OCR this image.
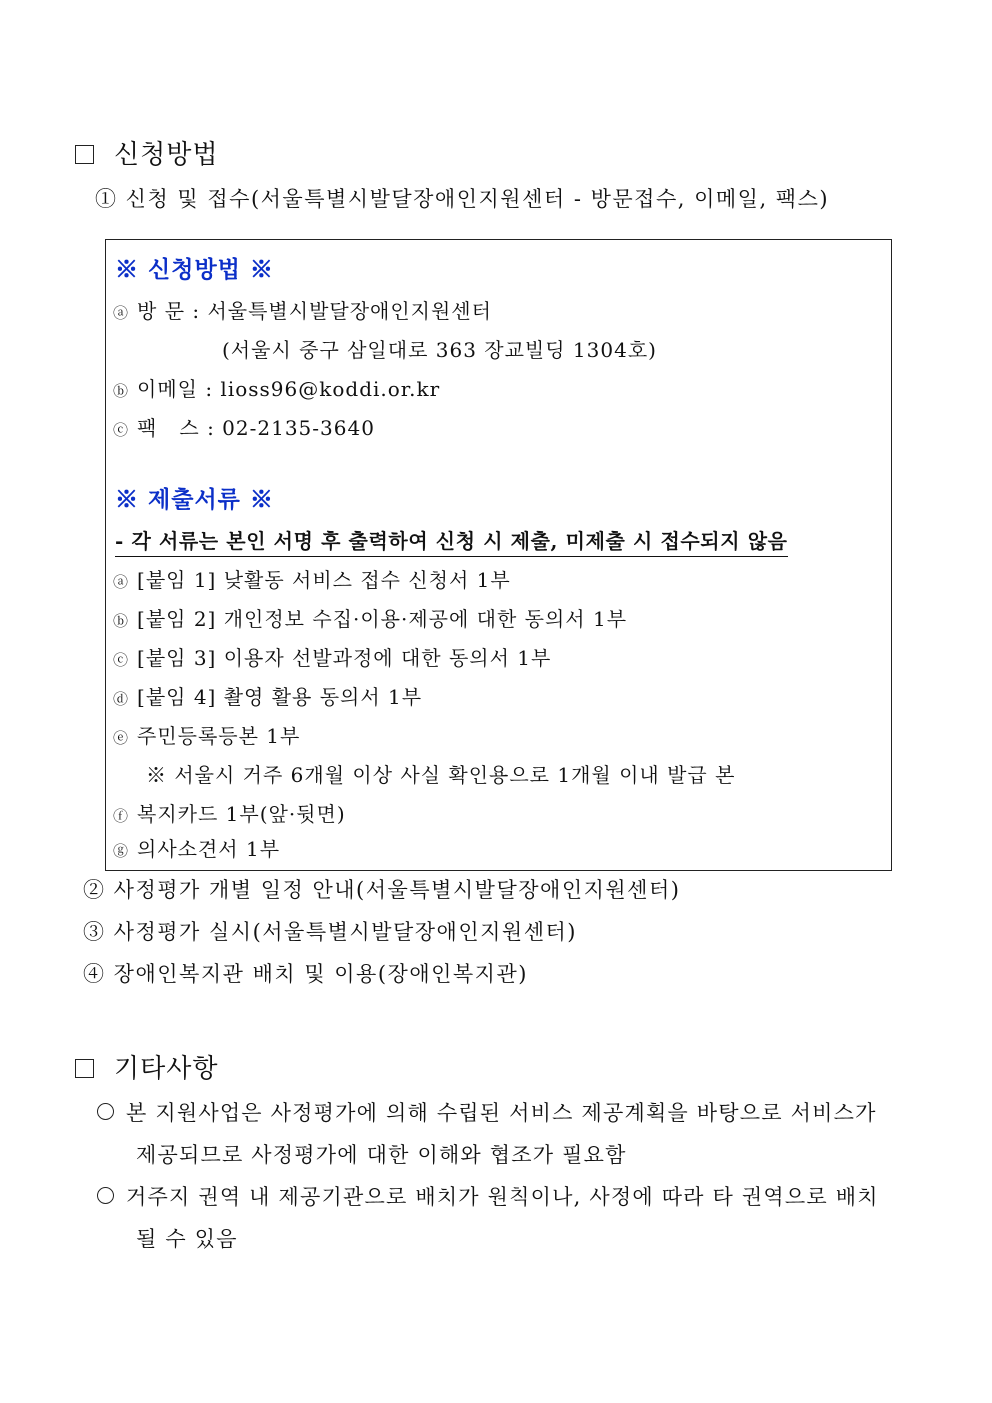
신청방법
① 신청 및 접수(서울특별시발달장애인지원센터 - 방문접수, 이메일, 팩스)
※ 신청방법 ※
ⓐ 방 문 : 서울특별시발달장애인지원센터
(서울시 중구 삼일대로 363 장교빌딩 1304호)
ⓑ 이메일 : lioss96@koddi.or.kr
ⓒ 팩   스 : 02-2135-3640
※ 제출서류 ※
- 각 서류는 본인 서명 후 출력하여 신청 시 제출, 미제출 시 접수되지 않음
ⓐ [붙임 1] 낮활동 서비스 접수 신청서 1부
ⓑ [붙임 2] 개인정보 수집·이용·제공에 대한 동의서 1부
ⓒ [붙임 3] 이용자 선발과정에 대한 동의서 1부
ⓓ [붙임 4] 촬영 활용 동의서 1부
ⓔ 주민등록등본 1부
※ 서울시 거주 6개월 이상 사실 확인용으로 1개월 이내 발급 본
ⓕ 복지카드 1부(앞·뒷면)
ⓖ 의사소견서 1부
② 사정평가 개별 일정 안내(서울특별시발달장애인지원센터)
③ 사정평가 실시(서울특별시발달장애인지원센터)
④ 장애인복지관 배치 및 이용(장애인복지관)
기타사항
본 지원사업은 사정평가에 의해 수립된 서비스 제공계획을 바탕으로 서비스가
제공되므로 사정평가에 대한 이해와 협조가 필요함
거주지 권역 내 제공기관으로 배치가 원칙이나, 사정에 따라 타 권역으로 배치
될 수 있음
